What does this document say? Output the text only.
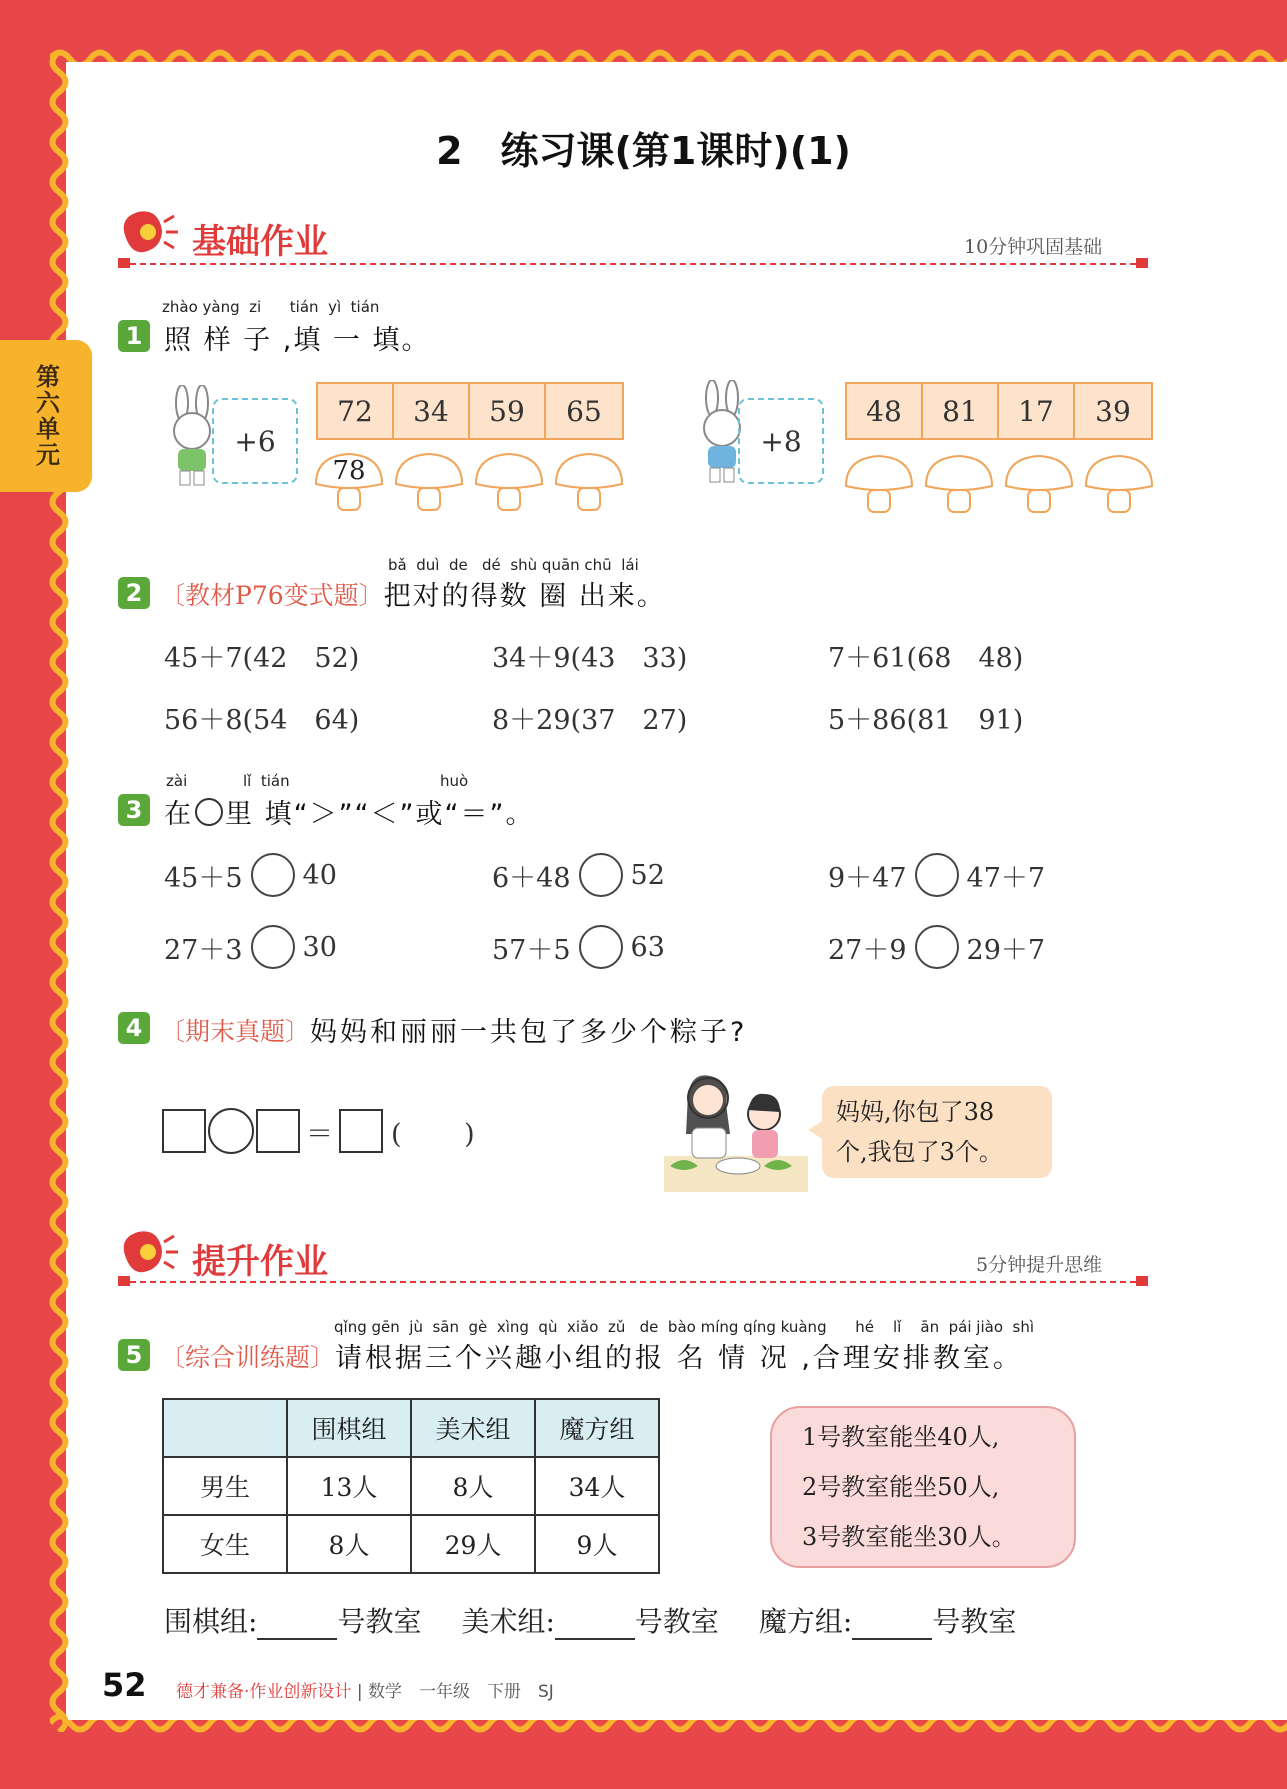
第六单元
2　练习课(第1课时)(1)
基础作业	10分钟巩固基础
zhào yàng  zi      tián  yì  tián
1 照 样 子 ,填 一 填。
+6
72	34	59	65
78
+8
48	81	17	39
bǎ  duì  de   dé  shù quān chū  lái
2 〔教材P76变式题〕 把对的得数 圈 出来。
45＋7(42　52)	34＋9(43　33)	7＋61(68　48)
56＋8(54　64)	8＋29(37　27)	5＋86(81　91)
zài	lǐ  tián	huò
3 在 里 填“＞”“＜”或“＝”。
45＋5 40	6＋48 52	9＋47 47＋7
27＋3 30	57＋5 63	27＋9 29＋7
4 〔期末真题〕 妈妈和丽丽一共包了多少个粽子?
＝ (　　 )
妈妈,你包了38
个,我包了3个。
提升作业	5分钟提升思维
qǐng gēn  jù  sān  gè  xìng  qù  xiǎo  zǔ   de  bào míng qíng kuàng      hé    lǐ    ān  pái jiào  shì
5 〔综合训练题〕 请根据三个兴趣小组的报 名 情 况 ,合理安排教室。
	围棋组	美术组	魔方组
男生	13人	8人	34人
女生	8人	29人	9人
1号教室能坐40人,
2号教室能坐50人,
3号教室能坐30人。
围棋组:	号教室 美术组:	号教室 魔方组:	号教室
52 德才兼备·作业创新设计 | 数学　一年级　下册　SJ
